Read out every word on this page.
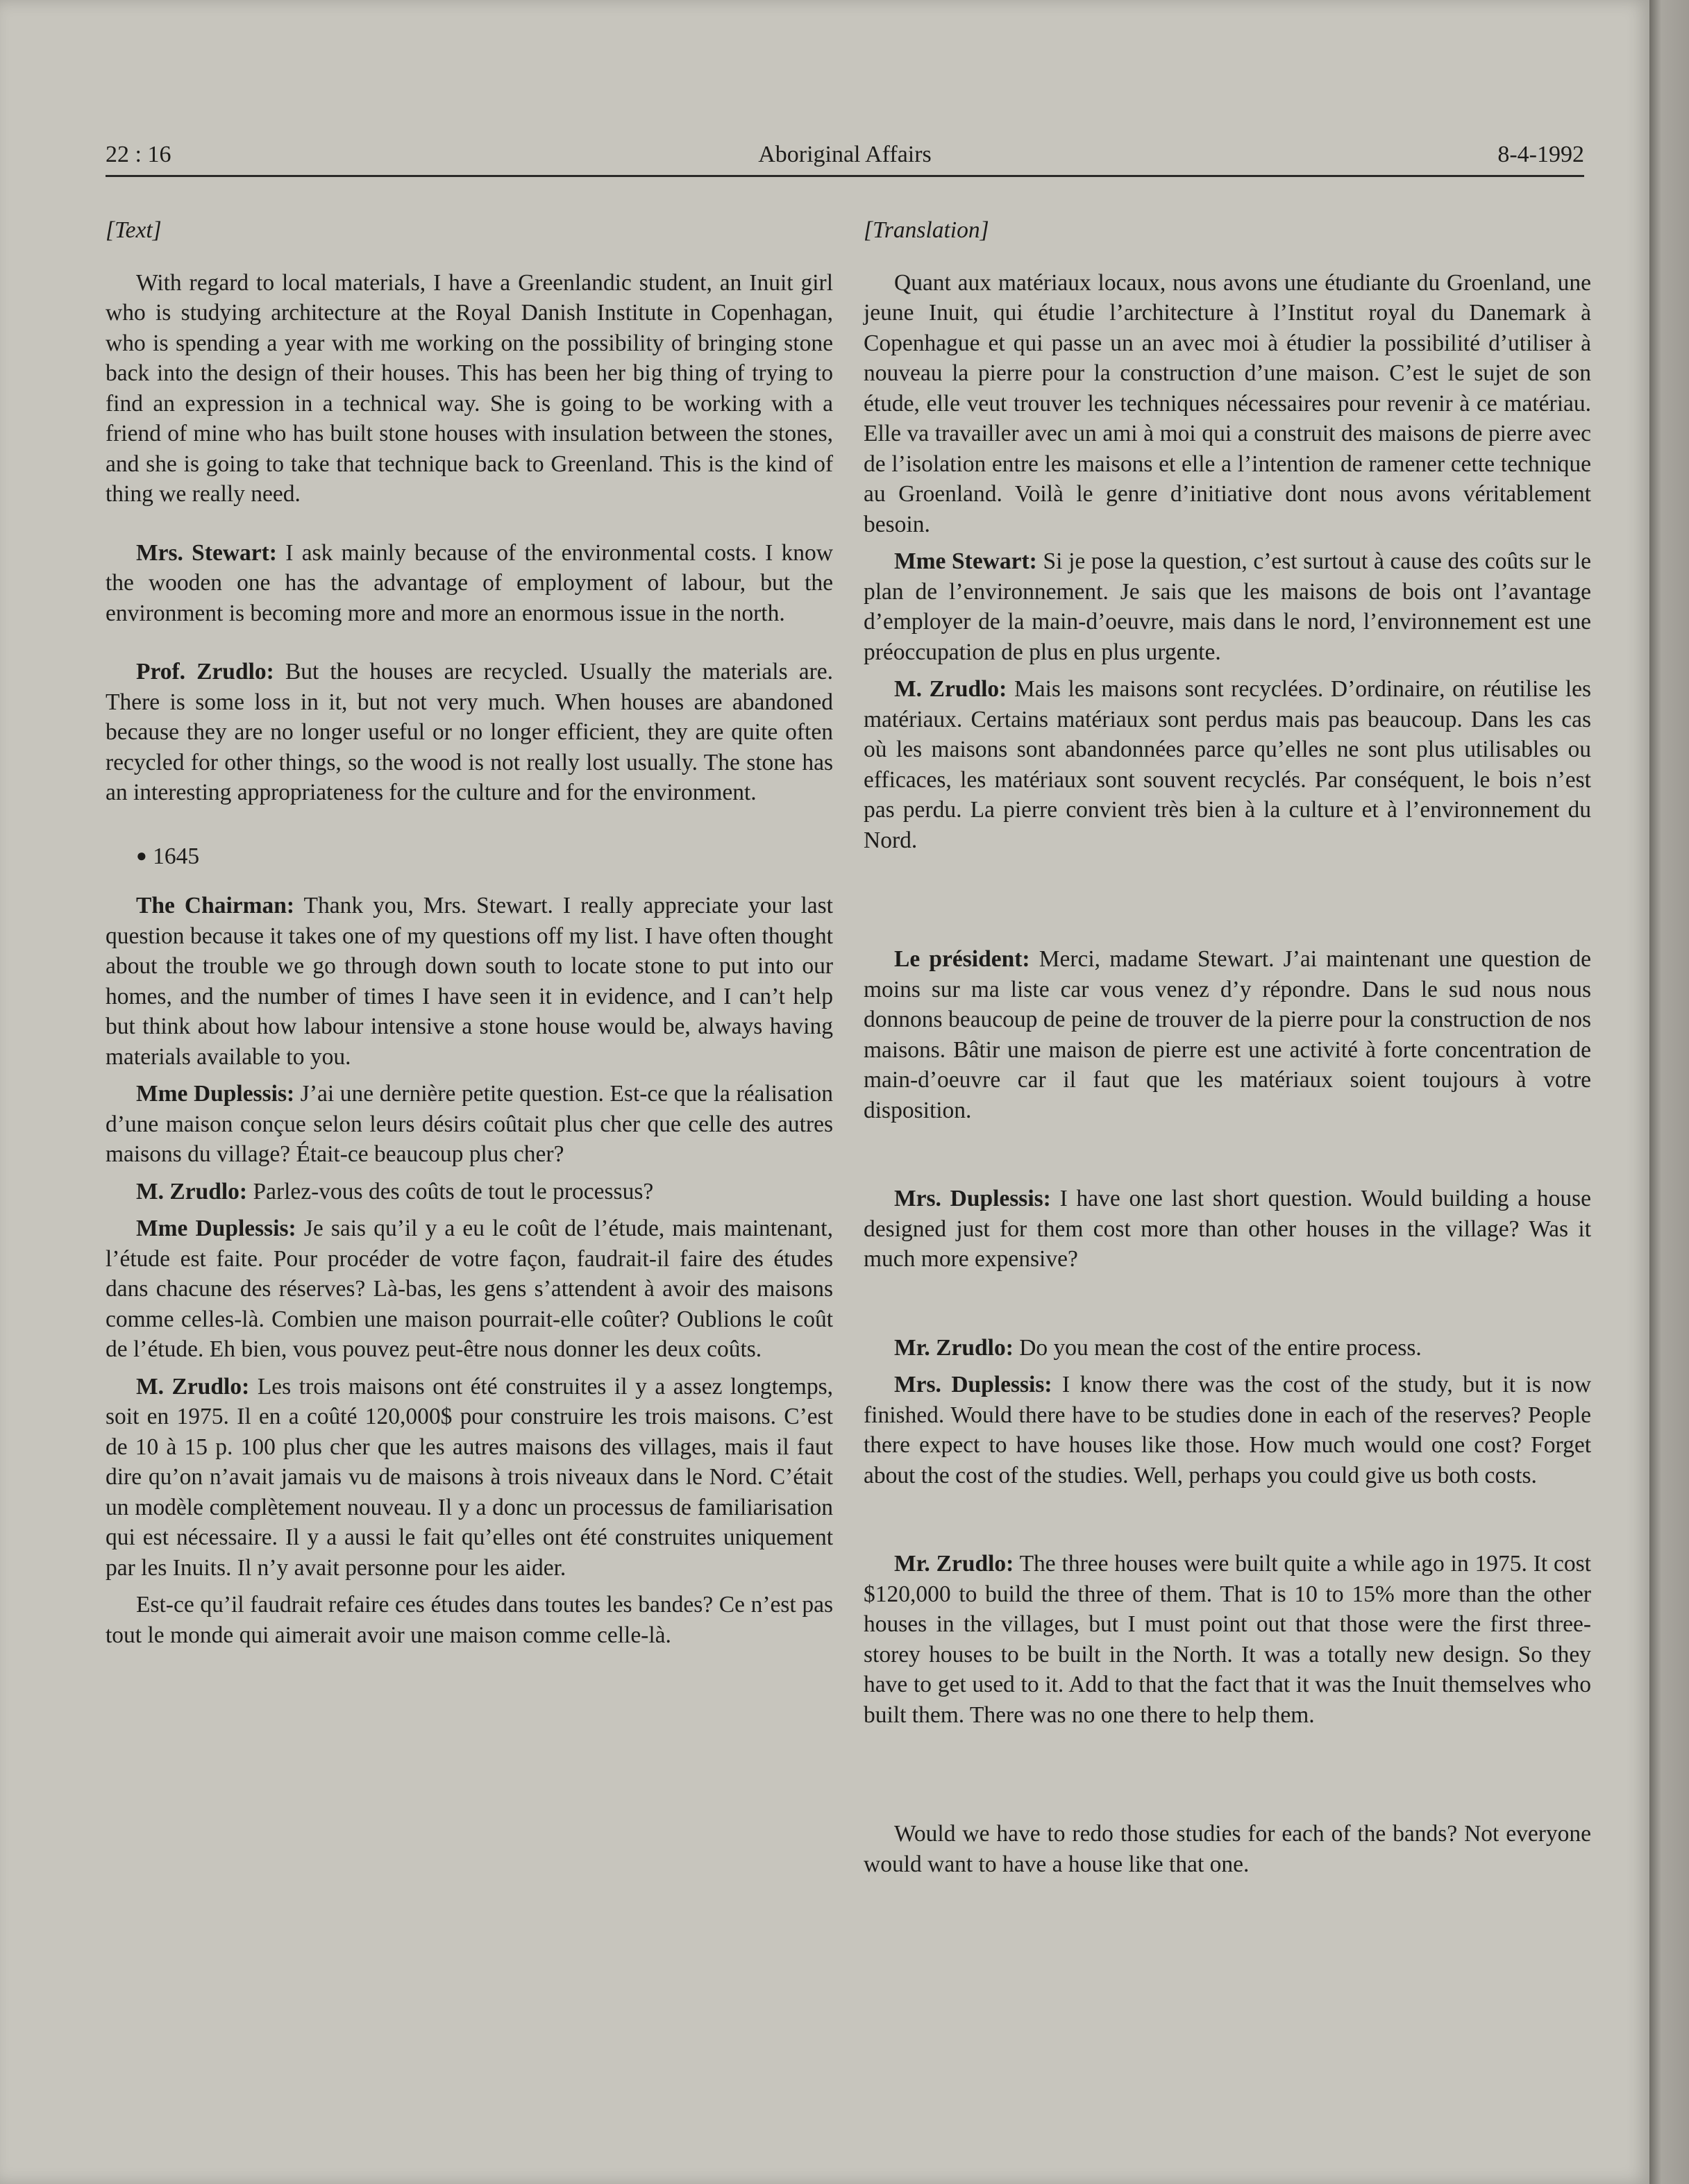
22 : 16	Aboriginal Affairs	8-4-1992

[Text]

With regard to local materials, I have a Greenlandic student, an Inuit girl who is studying architecture at the Royal Danish Institute in Copenhagan, who is spending a year with me working on the possibility of bringing stone back into the design of their houses. This has been her big thing of trying to find an expression in a technical way. She is going to be working with a friend of mine who has built stone houses with insulation between the stones, and she is going to take that technique back to Greenland. This is the kind of thing we really need.

Mrs. Stewart: I ask mainly because of the environmental costs. I know the wooden one has the advantage of employment of labour, but the environment is becoming more and more an enormous issue in the north.

Prof. Zrudlo: But the houses are recycled. Usually the materials are. There is some loss in it, but not very much. When houses are abandoned because they are no longer useful or no longer efficient, they are quite often recycled for other things, so the wood is not really lost usually. The stone has an interesting appropriateness for the culture and for the environment.

● 1645

The Chairman: Thank you, Mrs. Stewart. I really appreciate your last question because it takes one of my questions off my list. I have often thought about the trouble we go through down south to locate stone to put into our homes, and the number of times I have seen it in evidence, and I can’t help but think about how labour intensive a stone house would be, always having materials available to you.

Mme Duplessis: J’ai une dernière petite question. Est-ce que la réalisation d’une maison conçue selon leurs désirs coûtait plus cher que celle des autres maisons du village? Était-ce beaucoup plus cher?

M. Zrudlo: Parlez-vous des coûts de tout le processus?

Mme Duplessis: Je sais qu’il y a eu le coût de l’étude, mais maintenant, l’étude est faite. Pour procéder de votre façon, faudrait-il faire des études dans chacune des réserves? Là-bas, les gens s’attendent à avoir des maisons comme celles-là. Combien une maison pourrait-elle coûter? Oublions le coût de l’étude. Eh bien, vous pouvez peut-être nous donner les deux coûts.

M. Zrudlo: Les trois maisons ont été construites il y a assez longtemps, soit en 1975. Il en a coûté 120,000$ pour construire les trois maisons. C’est de 10 à 15 p. 100 plus cher que les autres maisons des villages, mais il faut dire qu’on n’avait jamais vu de maisons à trois niveaux dans le Nord. C’était un modèle complètement nouveau. Il y a donc un processus de familiarisation qui est nécessaire. Il y a aussi le fait qu’elles ont été construites uniquement par les Inuits. Il n’y avait personne pour les aider.

Est-ce qu’il faudrait refaire ces études dans toutes les bandes? Ce n’est pas tout le monde qui aimerait avoir une maison comme celle-là.

[Translation]

Quant aux matériaux locaux, nous avons une étudiante du Groenland, une jeune Inuit, qui étudie l’architecture à l’Institut royal du Danemark à Copenhague et qui passe un an avec moi à étudier la possibilité d’utiliser à nouveau la pierre pour la construction d’une maison. C’est le sujet de son étude, elle veut trouver les techniques nécessaires pour revenir à ce matériau. Elle va travailler avec un ami à moi qui a construit des maisons de pierre avec de l’isolation entre les maisons et elle a l’intention de ramener cette technique au Groenland. Voilà le genre d’initiative dont nous avons véritablement besoin.

Mme Stewart: Si je pose la question, c’est surtout à cause des coûts sur le plan de l’environnement. Je sais que les maisons de bois ont l’avantage d’employer de la main-d’oeuvre, mais dans le nord, l’environnement est une préoccupation de plus en plus urgente.

M. Zrudlo: Mais les maisons sont recyclées. D’ordinaire, on réutilise les matériaux. Certains matériaux sont perdus mais pas beaucoup. Dans les cas où les maisons sont abandonnées parce qu’elles ne sont plus utilisables ou efficaces, les matériaux sont souvent recyclés. Par conséquent, le bois n’est pas perdu. La pierre convient très bien à la culture et à l’environnement du Nord.

Le président: Merci, madame Stewart. J’ai maintenant une question de moins sur ma liste car vous venez d’y répondre. Dans le sud nous nous donnons beaucoup de peine de trouver de la pierre pour la construction de nos maisons. Bâtir une maison de pierre est une activité à forte concentration de main-d’oeuvre car il faut que les matériaux soient toujours à votre disposition.

Mrs. Duplessis: I have one last short question. Would building a house designed just for them cost more than other houses in the village? Was it much more expensive?

Mr. Zrudlo: Do you mean the cost of the entire process.

Mrs. Duplessis: I know there was the cost of the study, but it is now finished. Would there have to be studies done in each of the reserves? People there expect to have houses like those. How much would one cost? Forget about the cost of the studies. Well, perhaps you could give us both costs.

Mr. Zrudlo: The three houses were built quite a while ago in 1975. It cost $120,000 to build the three of them. That is 10 to 15% more than the other houses in the villages, but I must point out that those were the first three-storey houses to be built in the North. It was a totally new design. So they have to get used to it. Add to that the fact that it was the Inuit themselves who built them. There was no one there to help them.

Would we have to redo those studies for each of the bands? Not everyone would want to have a house like that one.
